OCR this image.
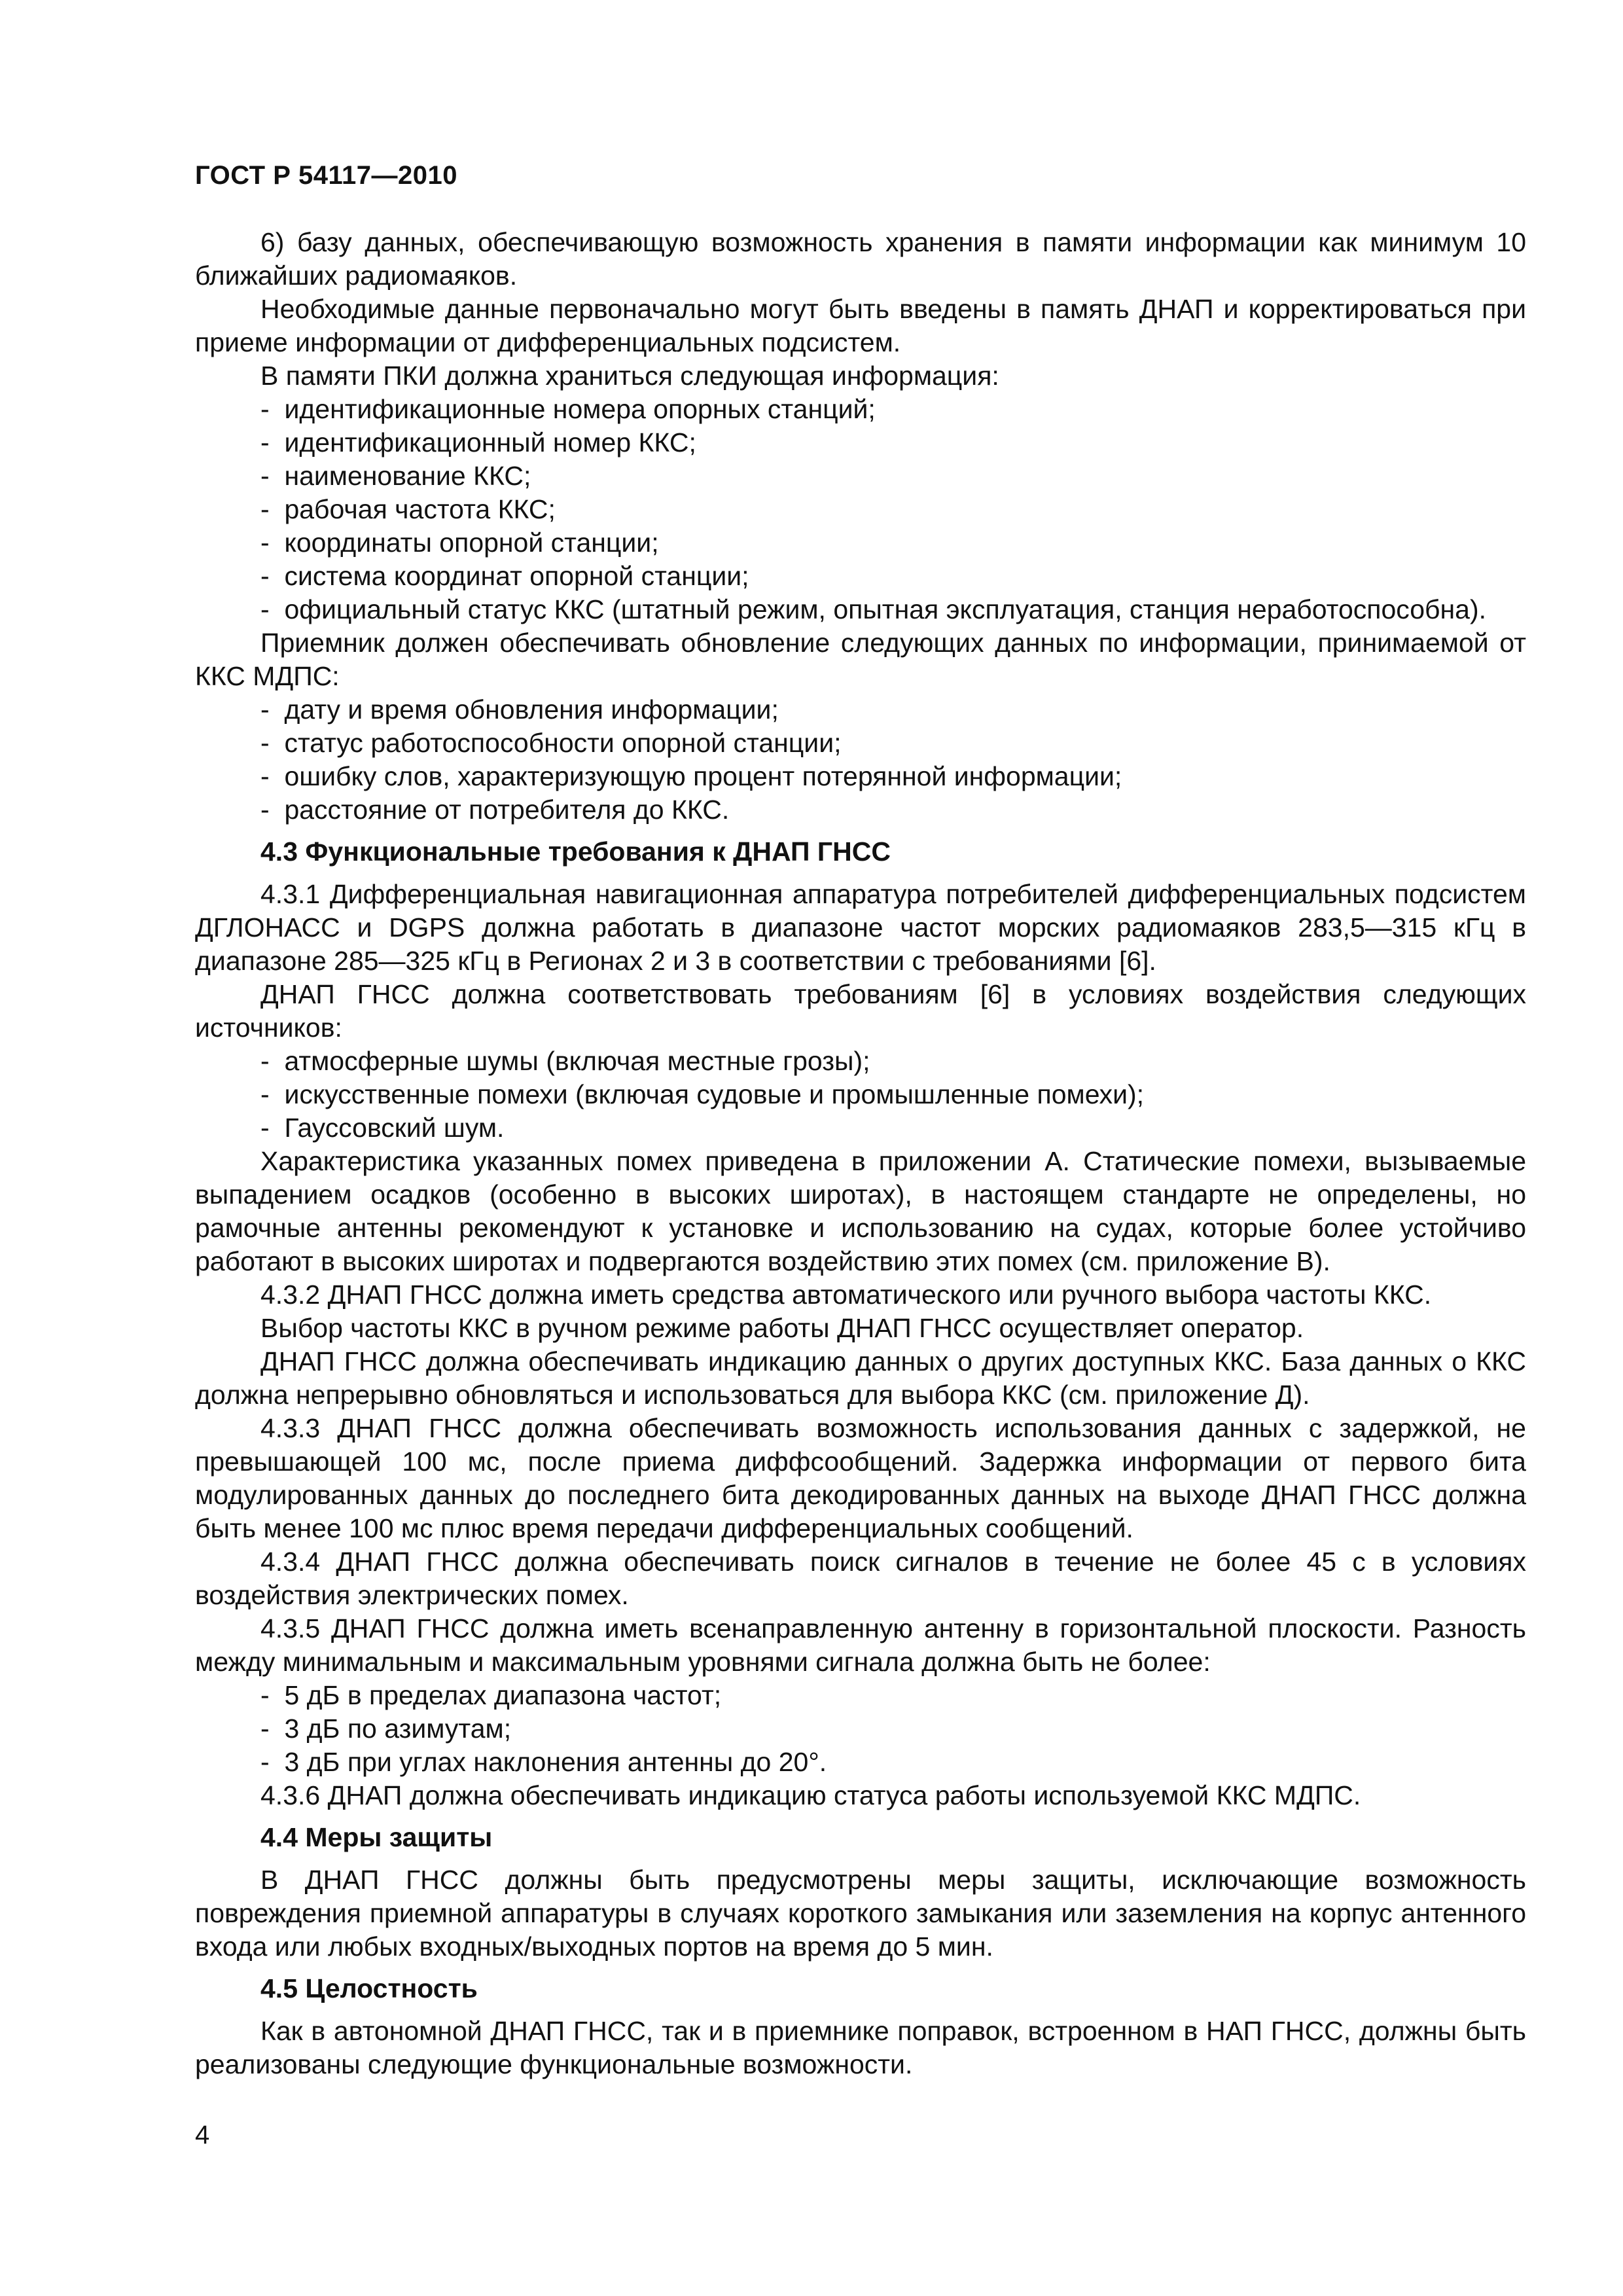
ГОСТ Р 54117—2010

6) базу данных, обеспечивающую возможность хранения в памяти информации как минимум 10 ближайших радиомаяков.

Необходимые данные первоначально могут быть введены в память ДНАП и корректироваться при приеме информации от дифференциальных подсистем.

В памяти ПКИ должна храниться следующая информация:

-  идентификационные номера опорных станций;
-  идентификационный номер ККС;
-  наименование ККС;
-  рабочая частота ККС;
-  координаты опорной станции;
-  система координат опорной станции;
-  официальный статус ККС (штатный режим, опытная эксплуатация, станция неработоспособна).

Приемник должен обеспечивать обновление следующих данных по информации, принимаемой от ККС МДПС:

-  дату и время обновления информации;
-  статус работоспособности опорной станции;
-  ошибку слов, характеризующую процент потерянной информации;
-  расстояние от потребителя до ККС.
4.3 Функциональные требования к ДНАП ГНСС

4.3.1 Дифференциальная навигационная аппаратура потребителей дифференциальных подсистем ДГЛОНАСС и DGPS должна работать в диапазоне частот морских радиомаяков 283,5—315 кГц в диапазоне 285—325 кГц в Регионах 2 и 3 в соответствии с требованиями [6].

ДНАП ГНСС должна соответствовать требованиям [6] в условиях воздействия следующих источников:

-  атмосферные шумы (включая местные грозы);
-  искусственные помехи (включая судовые и промышленные помехи);
-  Гауссовский шум.

Характеристика указанных помех приведена в приложении А. Статические помехи, вызываемые выпадением осадков (особенно в высоких широтах), в настоящем стандарте не определены, но рамочные антенны рекомендуют к установке и использованию на судах, которые более устойчиво работают в высоких широтах и подвергаются воздействию этих помех (см. приложение В).

4.3.2 ДНАП ГНСС должна иметь средства автоматического или ручного выбора частоты ККС.

Выбор частоты ККС в ручном режиме работы ДНАП ГНСС осуществляет оператор.

ДНАП ГНСС должна обеспечивать индикацию данных о других доступных ККС. База данных о ККС должна непрерывно обновляться и использоваться для выбора ККС (см. приложение Д).

4.3.3 ДНАП ГНСС должна обеспечивать возможность использования данных с задержкой, не превышающей 100 мс, после приема диффсообщений. Задержка информации от первого бита модулированных данных до последнего бита декодированных данных на выходе ДНАП ГНСС должна быть менее 100 мс плюс время передачи дифференциальных сообщений.

4.3.4 ДНАП ГНСС должна обеспечивать поиск сигналов в течение не более 45 с в условиях воздействия электрических помех.

4.3.5 ДНАП ГНСС должна иметь всенаправленную антенну в горизонтальной плоскости. Разность между минимальным и максимальным уровнями сигнала должна быть не более:

-  5 дБ в пределах диапазона частот;
-  3 дБ по азимутам;
-  3 дБ при углах наклонения антенны до 20°.

4.3.6 ДНАП должна обеспечивать индикацию статуса работы используемой ККС МДПС.

4.4 Меры защиты

В ДНАП ГНСС должны быть предусмотрены меры защиты, исключающие возможность повреждения приемной аппаратуры в случаях короткого замыкания или заземления на корпус антенного входа или любых входных/выходных портов на время до 5 мин.

4.5 Целостность

Как в автономной ДНАП ГНСС, так и в приемнике поправок, встроенном в НАП ГНСС, должны быть реализованы следующие функциональные возможности.

4
